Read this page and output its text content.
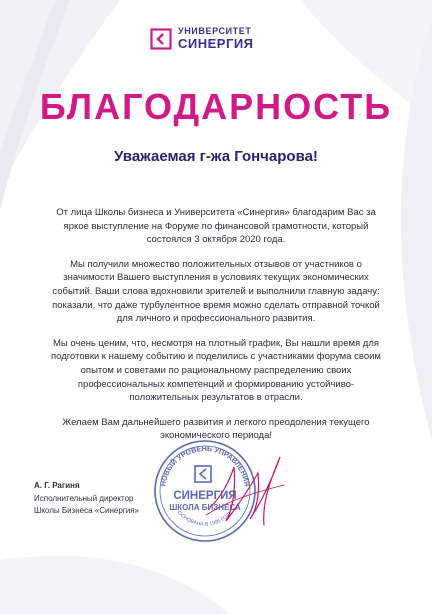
УНИВЕРСИТЕТ
СИНЕРГИЯ
БЛАГОДАРНОСТЬ
Уважаемая г-жа Гончарова!

От лица Школы бизнеса и Университета «Синергия» благодарим Вас за яркое выступление на Форуме по финансовой грамотности, который состоялся 3 октября 2020 года.

Мы получили множество положительных отзывов от участников о значимости Вашего выступления в условиях текущих экономических событий. Ваши слова вдохновили зрителей и выполнили главную задачу: показали, что даже турбулентное время можно сделать отправной точкой для личного и профессионального развития.

Мы очень ценим, что, несмотря на плотный график, Вы нашли время для подготовки к нашему событию и поделились с участниками форума своим опытом и советами по рациональному распределению своих профессиональных компетенций и формированию устойчиво-положительных результатов в отрасли.

Желаем Вам дальнейшего развития и легкого преодоления текущего экономического периода!

А. Г. Рагиня
Исполнительный директор
Школы Бизнеса «Синергия»
НОВЫЙ УРОВЕНЬ УПРАВЛЕНИЯ
СИНЕРГИЯ
ШКОЛА БИЗНЕСА
ОСНОВАНА В 1995 ГОДУ
